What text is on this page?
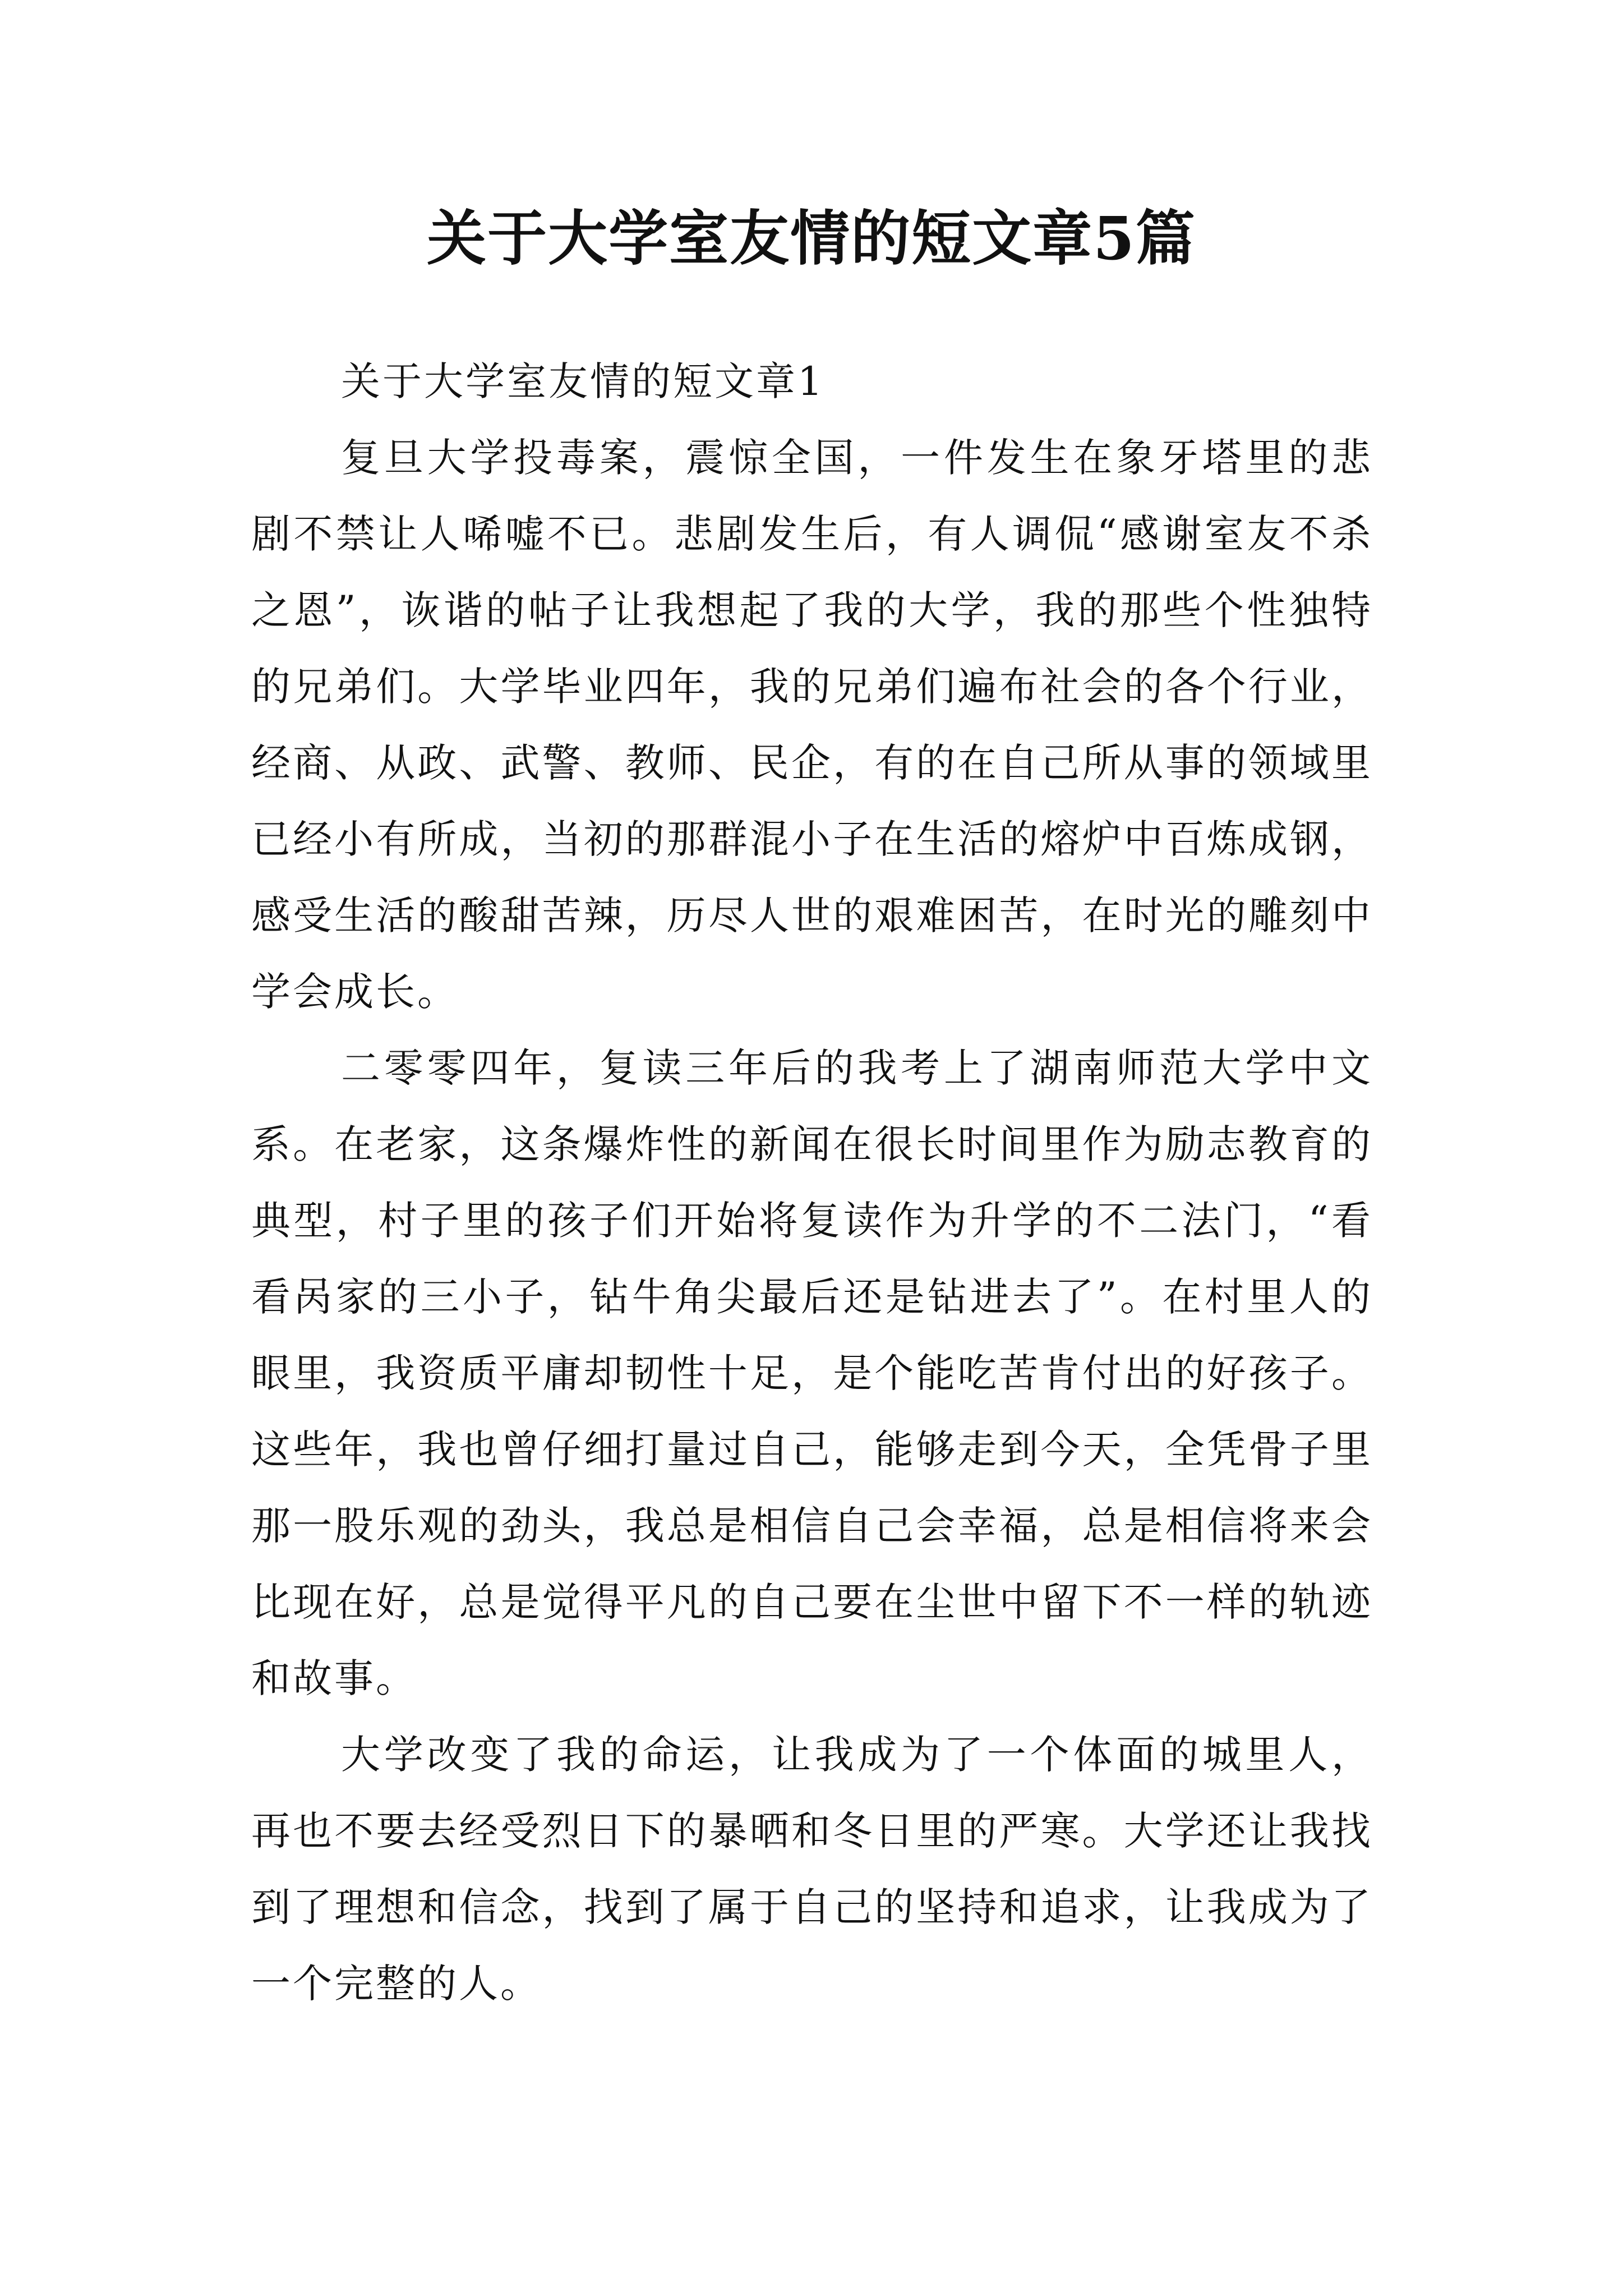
关于大学室友情的短文章5篇

关于大学室友情的短文章1

复旦大学投毒案，震惊全国，一件发生在象牙塔里的悲剧不禁让人唏嘘不已。悲剧发生后，有人调侃“感谢室友不杀之恩”，诙谐的帖子让我想起了我的大学，我的那些个性独特的兄弟们。大学毕业四年，我的兄弟们遍布社会的各个行业，经商、从政、武警、教师、民企，有的在自己所从事的领域里已经小有所成，当初的那群混小子在生活的熔炉中百炼成钢，感受生活的酸甜苦辣，历尽人世的艰难困苦，在时光的雕刻中学会成长。

二零零四年，复读三年后的我考上了湖南师范大学中文系。在老家，这条爆炸性的新闻在很长时间里作为励志教育的典型，村子里的孩子们开始将复读作为升学的不二法门，“看看呙家的三小子，钻牛角尖最后还是钻进去了”。在村里人的眼里，我资质平庸却韧性十足，是个能吃苦肯付出的好孩子。这些年，我也曾仔细打量过自己，能够走到今天，全凭骨子里那一股乐观的劲头，我总是相信自己会幸福，总是相信将来会比现在好，总是觉得平凡的自己要在尘世中留下不一样的轨迹和故事。

大学改变了我的命运，让我成为了一个体面的城里人，再也不要去经受烈日下的暴晒和冬日里的严寒。大学还让我找到了理想和信念，找到了属于自己的坚持和追求，让我成为了一个完整的人。
